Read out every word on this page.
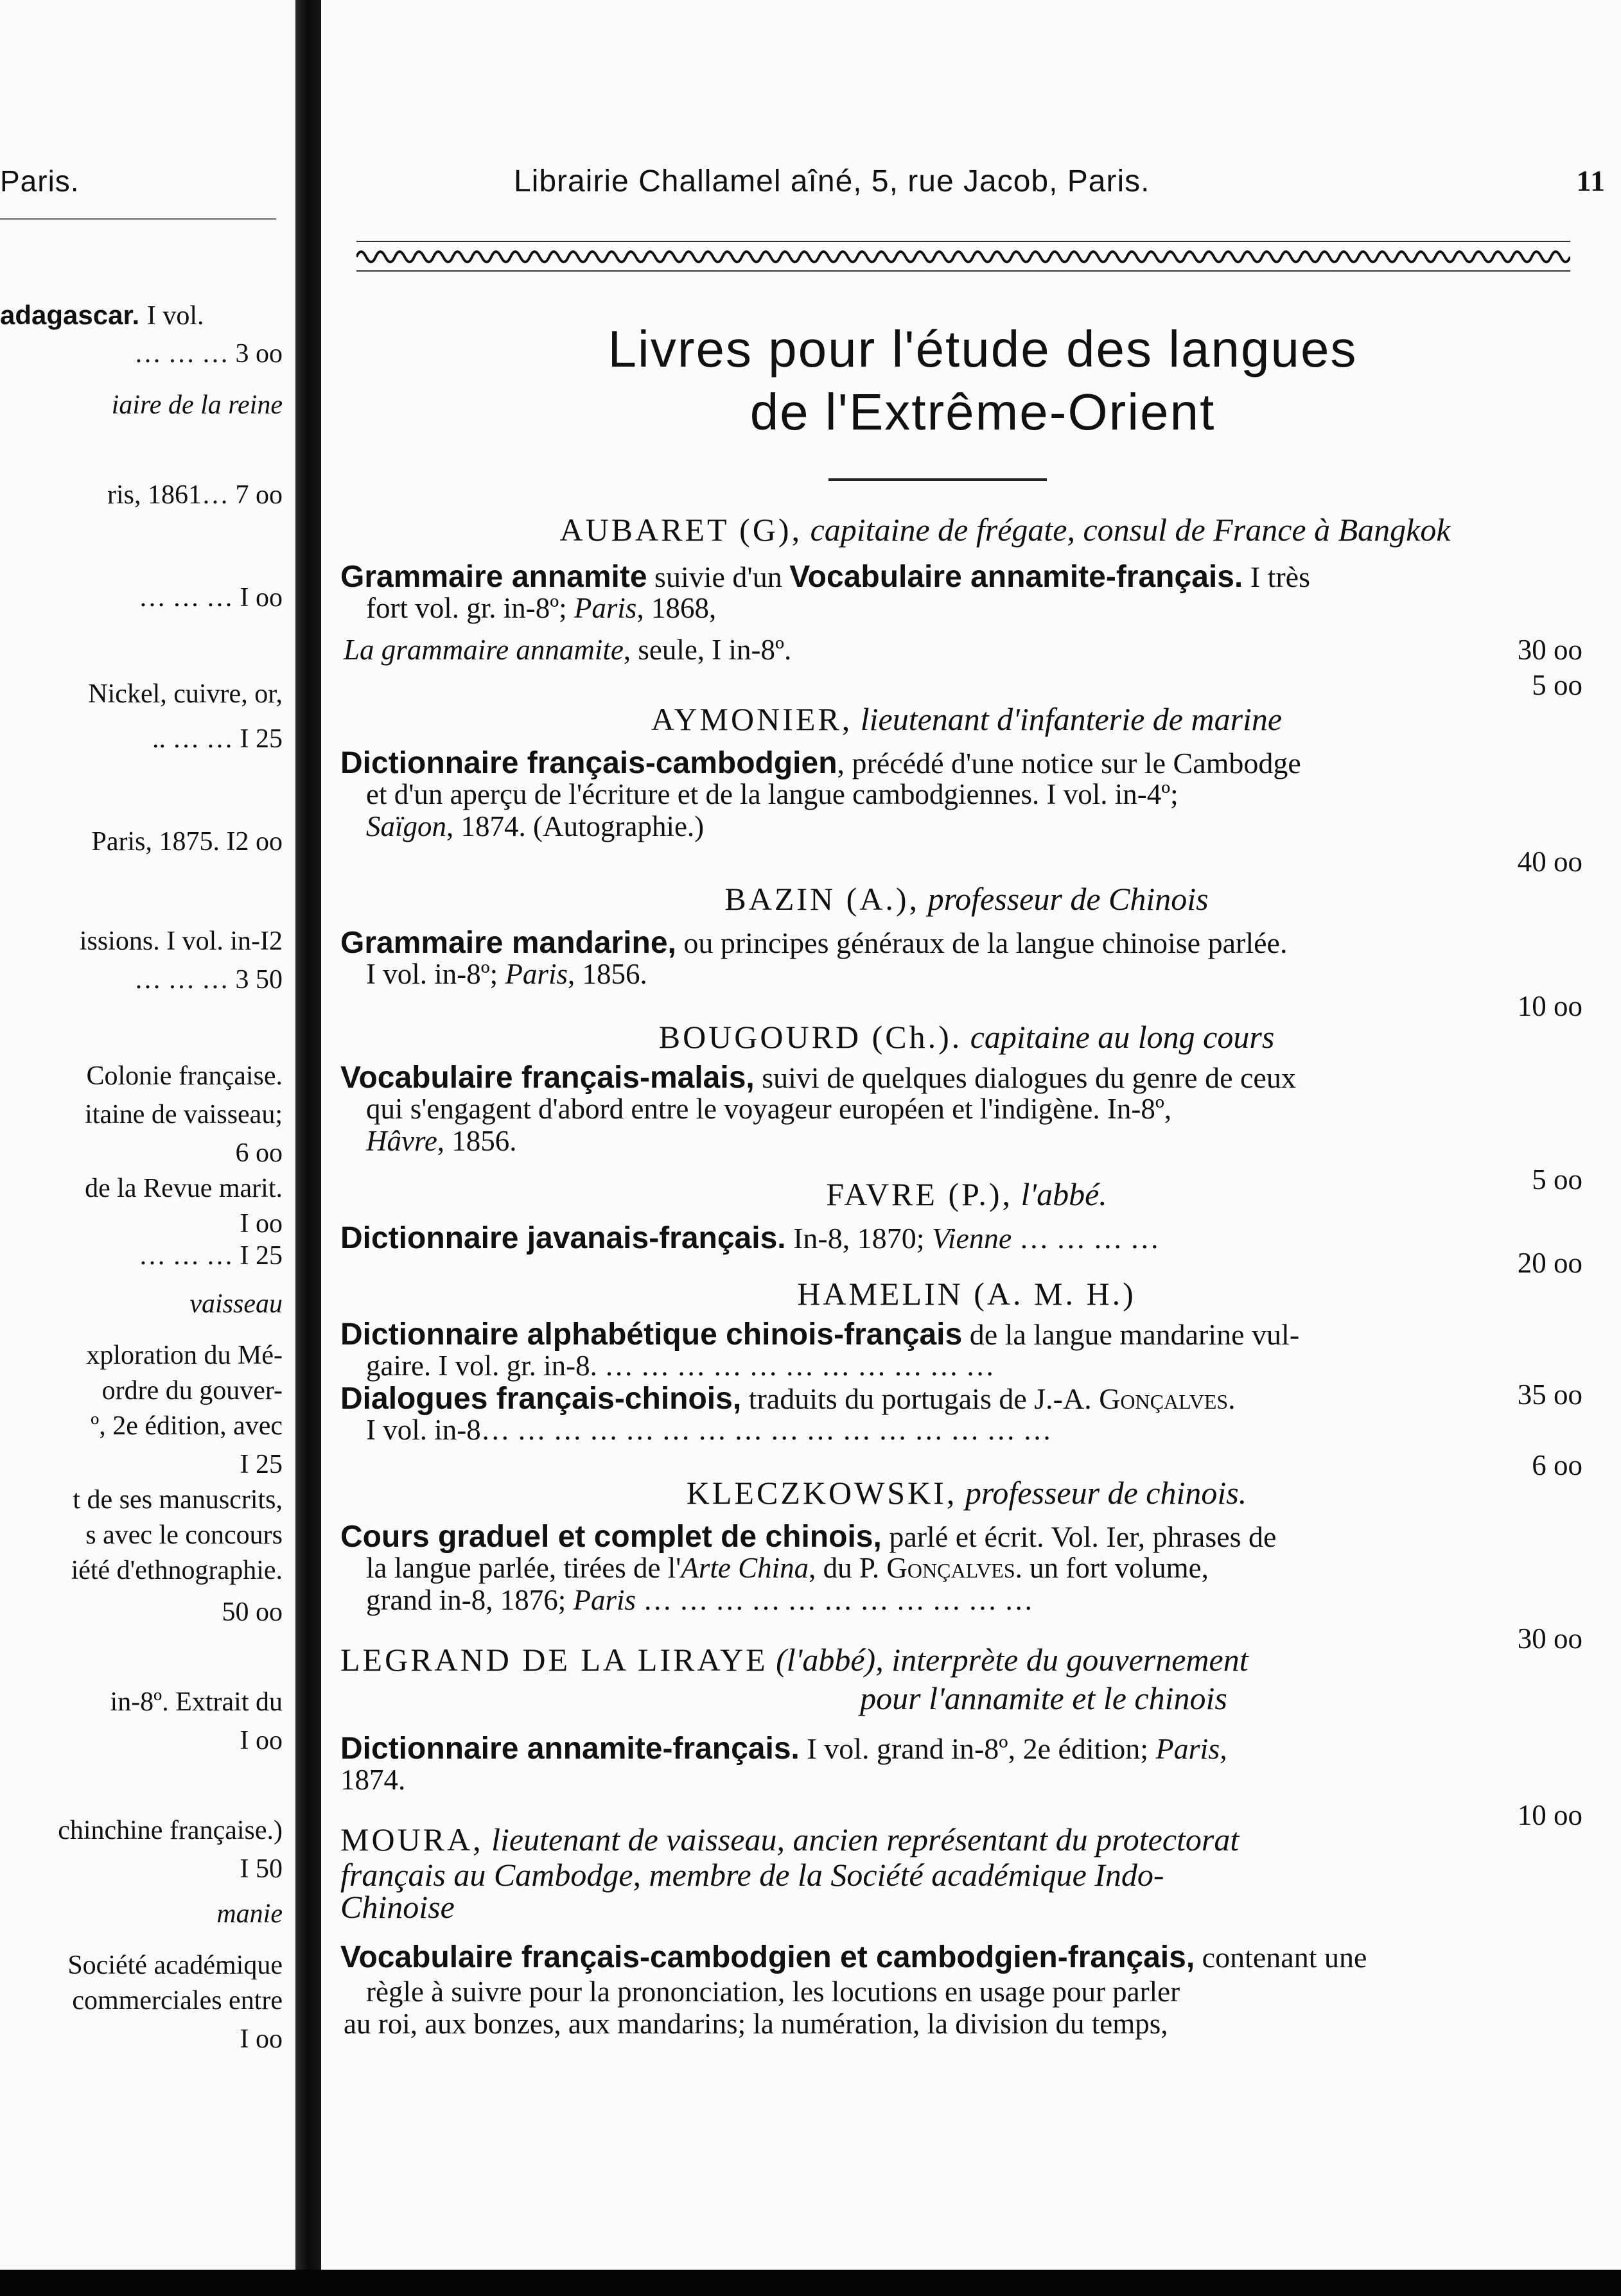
Paris.
adagascar. I vol.
… … … 3 oo
iaire de la reine
ris, 1861… 7 oo
… … … I oo
Nickel, cuivre, or,
.. … … I 25
Paris, 1875. I2 oo
issions. I vol. in-I2
… … … 3 50
Colonie française.
itaine de vaisseau;
6 oo
de la Revue marit.
I oo
… … … I 25
vaisseau
xploration du Mé-
ordre du gouver-
º, 2e édition, avec
I 25
t de ses manuscrits,
s avec le concours
iété d'ethnographie.
50 oo
in-8º. Extrait du
I oo
chinchine française.)
I 50
manie
Société académique
commerciales entre
I oo
Librairie Challamel aîné, 5, rue Jacob, Paris.	11
Livres pour l'étude des langues
de l'Extrême-Orient
AUBARET (G), capitaine de frégate, consul de France à Bangkok
Grammaire annamite suivie d'un Vocabulaire annamite-français. I très
fort vol. gr. in-8º; Paris, 1868,
30 oo
La grammaire annamite, seule, I in-8º.
5 oo
AYMONIER, lieutenant d'infanterie de marine
Dictionnaire français-cambodgien, précédé d'une notice sur le Cambodge
et d'un aperçu de l'écriture et de la langue cambodgiennes. I vol. in-4º;
Saïgon, 1874. (Autographie.)
40 oo
BAZIN (A.), professeur de Chinois
Grammaire mandarine, ou principes généraux de la langue chinoise parlée.
I vol. in-8º; Paris, 1856.
10 oo
BOUGOURD (Ch.). capitaine au long cours
Vocabulaire français-malais, suivi de quelques dialogues du genre de ceux
qui s'engagent d'abord entre le voyageur européen et l'indigène. In-8º,
Hâvre, 1856.
5 oo
FAVRE (P.), l'abbé.
Dictionnaire javanais-français. In-8, 1870; Vienne … … … …
20 oo
HAMELIN (A. M. H.)
Dictionnaire alphabétique chinois-français de la langue mandarine vul-
gaire. I vol. gr. in-8. … … … … … … … … … … …
35 oo
Dialogues français-chinois, traduits du portugais de J.-A. Gonçalves.
I vol. in-8… … … … … … … … … … … … … … … …
6 oo
KLECZKOWSKI, professeur de chinois.
Cours graduel et complet de chinois, parlé et écrit. Vol. Ier, phrases de
la langue parlée, tirées de l'Arte China, du P. Gonçalves. un fort volume,
grand in-8, 1876; Paris … … … … … … … … … … …
30 oo
LEGRAND DE LA LIRAYE (l'abbé), interprète du gouvernement
pour l'annamite et le chinois
Dictionnaire annamite-français. I vol. grand in-8º, 2e édition; Paris,
1874.
10 oo
MOURA, lieutenant de vaisseau, ancien représentant du protectorat
français au Cambodge, membre de la Société académique Indo-
Chinoise
Vocabulaire français-cambodgien et cambodgien-français, contenant une
règle à suivre pour la prononciation, les locutions en usage pour parler
au roi, aux bonzes, aux mandarins; la numération, la division du temps,
